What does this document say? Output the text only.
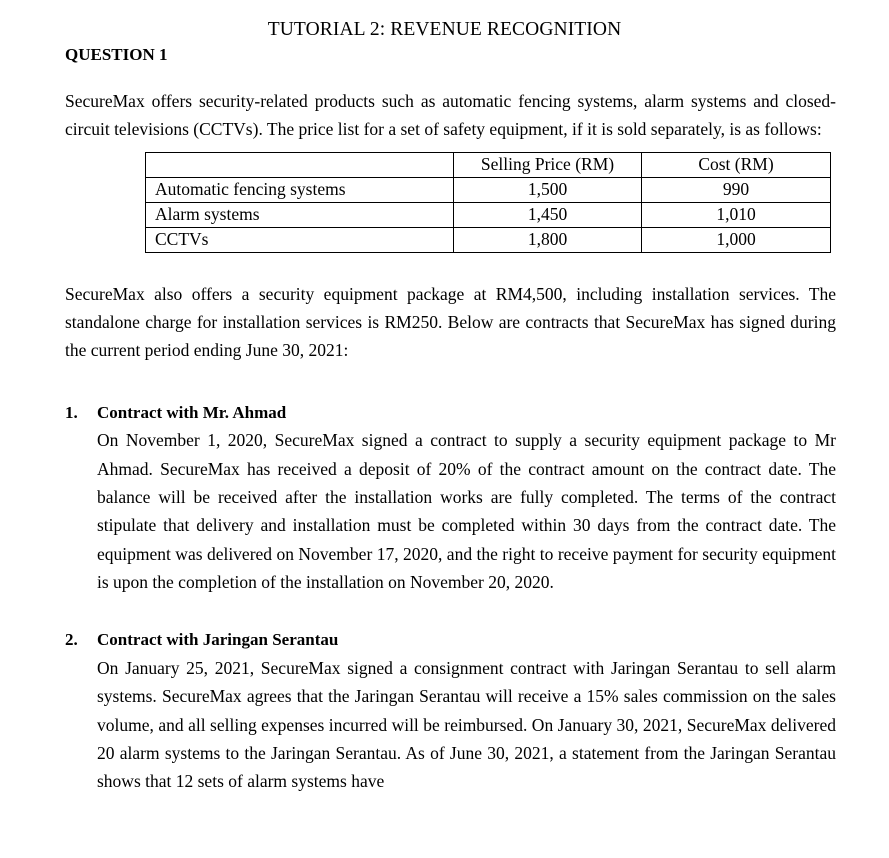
TUTORIAL 2: REVENUE RECOGNITION
QUESTION 1

SecureMax offers security-related products such as automatic fencing systems, alarm systems and closed-circuit televisions (CCTVs). The price list for a set of safety equipment, if it is sold separately, is as follows:

	Selling Price (RM)	Cost (RM)
Automatic fencing systems	1,500	990
Alarm systems	1,450	1,010
CCTVs	1,800	1,000

SecureMax also offers a security equipment package at RM4,500, including installation services. The standalone charge for installation services is RM250. Below are contracts that SecureMax has signed during the current period ending June 30, 2021:

1. Contract with Mr. Ahmad

On November 1, 2020, SecureMax signed a contract to supply a security equipment package to Mr Ahmad. SecureMax has received a deposit of 20% of the contract amount on the contract date. The balance will be received after the installation works are fully completed. The terms of the contract stipulate that delivery and installation must be completed within 30 days from the contract date. The equipment was delivered on November 17, 2020, and the right to receive payment for security equipment is upon the completion of the installation on November 20, 2020.

2. Contract with Jaringan Serantau

On January 25, 2021, SecureMax signed a consignment contract with Jaringan Serantau to sell alarm systems. SecureMax agrees that the Jaringan Serantau will receive a 15% sales commission on the sales volume, and all selling expenses incurred will be reimbursed. On January 30, 2021, SecureMax delivered 20 alarm systems to the Jaringan Serantau. As of June 30, 2021, a statement from the Jaringan Serantau shows that 12 sets of alarm systems have
